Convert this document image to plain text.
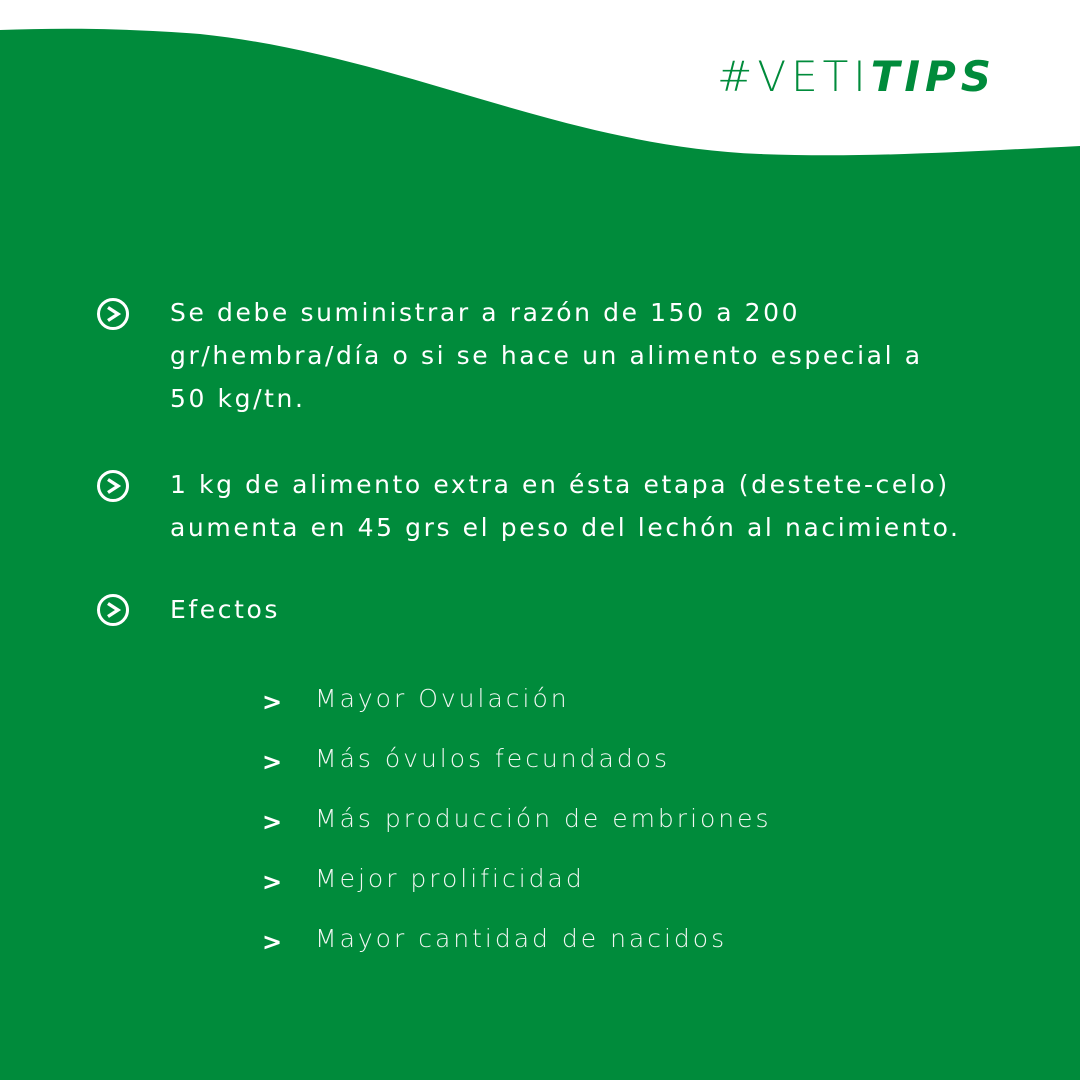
#VETITIPS

Se debe suministrar a razón de 150 a 200
gr/hembra/día o si se hace un alimento especial a
50 kg/tn.

1 kg de alimento extra en ésta etapa (destete-celo)
aumenta en 45 grs el peso del lechón al nacimiento.

Efectos

> Mayor Ovulación
> Más óvulos fecundados
> Más producción de embriones
> Mejor prolificidad
> Mayor cantidad de nacidos
